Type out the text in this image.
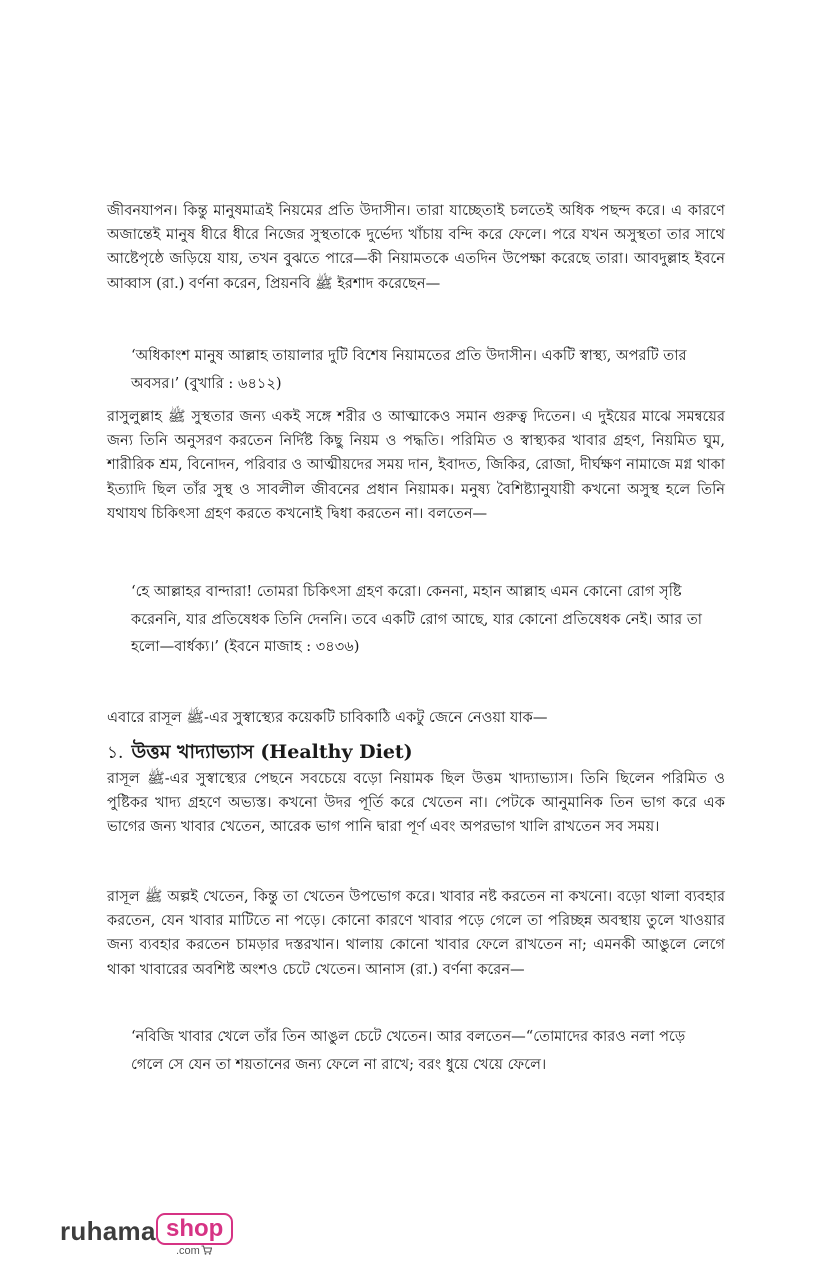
জীবনযাপন। কিন্তু মানুষমাত্রই নিয়মের প্রতি উদাসীন। তারা যাচ্ছেতাই চলতেই অধিক পছন্দ করে। এ কারণে অজান্তেই মানুষ ধীরে ধীরে নিজের সুস্থতাকে দুর্ভেদ্য খাঁচায় বন্দি করে ফেলে। পরে যখন অসুস্থতা তার সাথে আষ্টেপৃষ্ঠে জড়িয়ে যায়, তখন বুঝতে পারে—কী নিয়ামতকে এতদিন উপেক্ষা করেছে তারা। আবদুল্লাহ ইবনে আব্বাস (রা.) বর্ণনা করেন, প্রিয়নবি ﷺ ইরশাদ করেছেন—

‘অধিকাংশ মানুষ আল্লাহ তায়ালার দুটি বিশেষ নিয়ামতের প্রতি উদাসীন। একটি স্বাস্থ্য, অপরটি তার অবসর।’ (বুখারি : ৬৪১২)

রাসুলুল্লাহ ﷺ সুস্থতার জন্য একই সঙ্গে শরীর ও আত্মাকেও সমান গুরুত্ব দিতেন। এ দুইয়ের মাঝে সমন্বয়ের জন্য তিনি অনুসরণ করতেন নির্দিষ্ট কিছু নিয়ম ও পদ্ধতি। পরিমিত ও স্বাস্থ্যকর খাবার গ্রহণ, নিয়মিত ঘুম, শারীরিক শ্রম, বিনোদন, পরিবার ও আত্মীয়দের সময় দান, ইবাদত, জিকির, রোজা, দীর্ঘক্ষণ নামাজে মগ্ন থাকা ইত্যাদি ছিল তাঁর সুস্থ ও সাবলীল জীবনের প্রধান নিয়ামক। মনুষ্য বৈশিষ্ট্যানুযায়ী কখনো অসুস্থ হলে তিনি যথাযথ চিকিৎসা গ্রহণ করতে কখনোই দ্বিধা করতেন না। বলতেন—

‘হে আল্লাহর বান্দারা! তোমরা চিকিৎসা গ্রহণ করো। কেননা, মহান আল্লাহ এমন কোনো রোগ সৃষ্টি করেননি, যার প্রতিষেধক তিনি দেননি। তবে একটি রোগ আছে, যার কোনো প্রতিষেধক নেই। আর তা হলো—বার্ধক্য।’ (ইবনে মাজাহ : ৩৪৩৬)

এবারে রাসূল ﷺ-এর সুস্বাস্থ্যের কয়েকটি চাবিকাঠি একটু জেনে নেওয়া যাক—

১. উত্তম খাদ্যাভ্যাস (Healthy Diet)

রাসূল ﷺ-এর সুস্বাস্থ্যের পেছনে সবচেয়ে বড়ো নিয়ামক ছিল উত্তম খাদ্যাভ্যাস। তিনি ছিলেন পরিমিত ও পুষ্টিকর খাদ্য গ্রহণে অভ্যস্ত। কখনো উদর পূর্তি করে খেতেন না। পেটকে আনুমানিক তিন ভাগ করে এক ভাগের জন্য খাবার খেতেন, আরেক ভাগ পানি দ্বারা পূর্ণ এবং অপরভাগ খালি রাখতেন সব সময়।

রাসূল ﷺ অল্পই খেতেন, কিন্তু তা খেতেন উপভোগ করে। খাবার নষ্ট করতেন না কখনো। বড়ো থালা ব্যবহার করতেন, যেন খাবার মাটিতে না পড়ে। কোনো কারণে খাবার পড়ে গেলে তা পরিচ্ছন্ন অবস্থায় তুলে খাওয়ার জন্য ব্যবহার করতেন চামড়ার দস্তরখান। থালায় কোনো খাবার ফেলে রাখতেন না; এমনকী আঙুলে লেগে থাকা খাবারের অবশিষ্ট অংশও চেটে খেতেন। আনাস (রা.) বর্ণনা করেন—

‘নবিজি খাবার খেলে তাঁর তিন আঙুল চেটে খেতেন। আর বলতেন—“তোমাদের কারও নলা পড়ে গেলে সে যেন তা শয়তানের জন্য ফেলে না রাখে; বরং ধুয়ে খেয়ে ফেলে।

ruhama shop
.com
